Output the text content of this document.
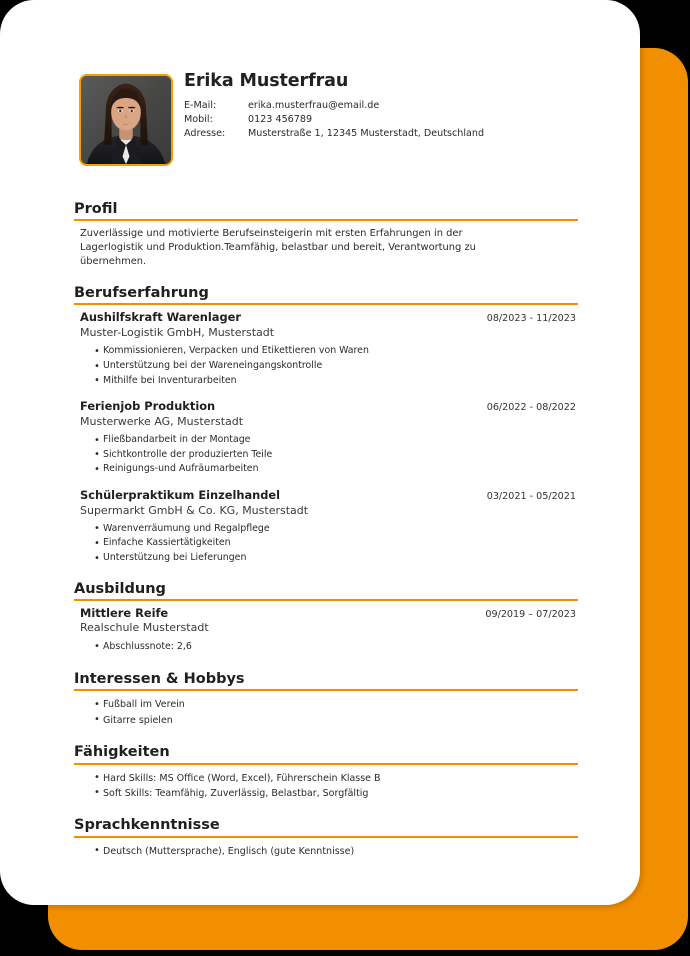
Erika Musterfrau
E-Mail:	erika.musterfrau@email.de
Mobil:	0123 456789
Adresse:	Musterstraße 1, 12345 Musterstadt, Deutschland
Profil

Zuverlässige und motivierte Berufseinsteigerin mit ersten Erfahrungen in der Lagerlogistik und Produktion.Teamfähig, belastbar und bereit, Verantwortung zu übernehmen.

Berufserfahrung
Aushilfskraft Warenlager	08/2023 - 11/2023
Muster-Logistik GmbH, Musterstadt
• Kommissionieren, Verpacken und Etikettieren von Waren
• Unterstützung bei der Wareneingangskontrolle
• Mithilfe bei Inventurarbeiten
Ferienjob Produktion	06/2022 - 08/2022
Musterwerke AG, Musterstadt
• Fließbandarbeit in der Montage
• Sichtkontrolle der produzierten Teile
• Reinigungs-und Aufräumarbeiten
Schülerpraktikum Einzelhandel	03/2021 - 05/2021
Supermarkt GmbH & Co. KG, Musterstadt
• Warenverräumung und Regalpflege
• Einfache Kassiertätigkeiten
• Unterstützung bei Lieferungen
Ausbildung
Mittlere Reife	09/2019 – 07/2023
Realschule Musterstadt
• Abschlussnote: 2,6
Interessen & Hobbys
• Fußball im Verein
• Gitarre spielen
Fähigkeiten
• Hard Skills: MS Office (Word, Excel), Führerschein Klasse B
• Soft Skills: Teamfähig, Zuverlässig, Belastbar, Sorgfältig
Sprachkenntnisse
• Deutsch (Muttersprache), Englisch (gute Kenntnisse)
